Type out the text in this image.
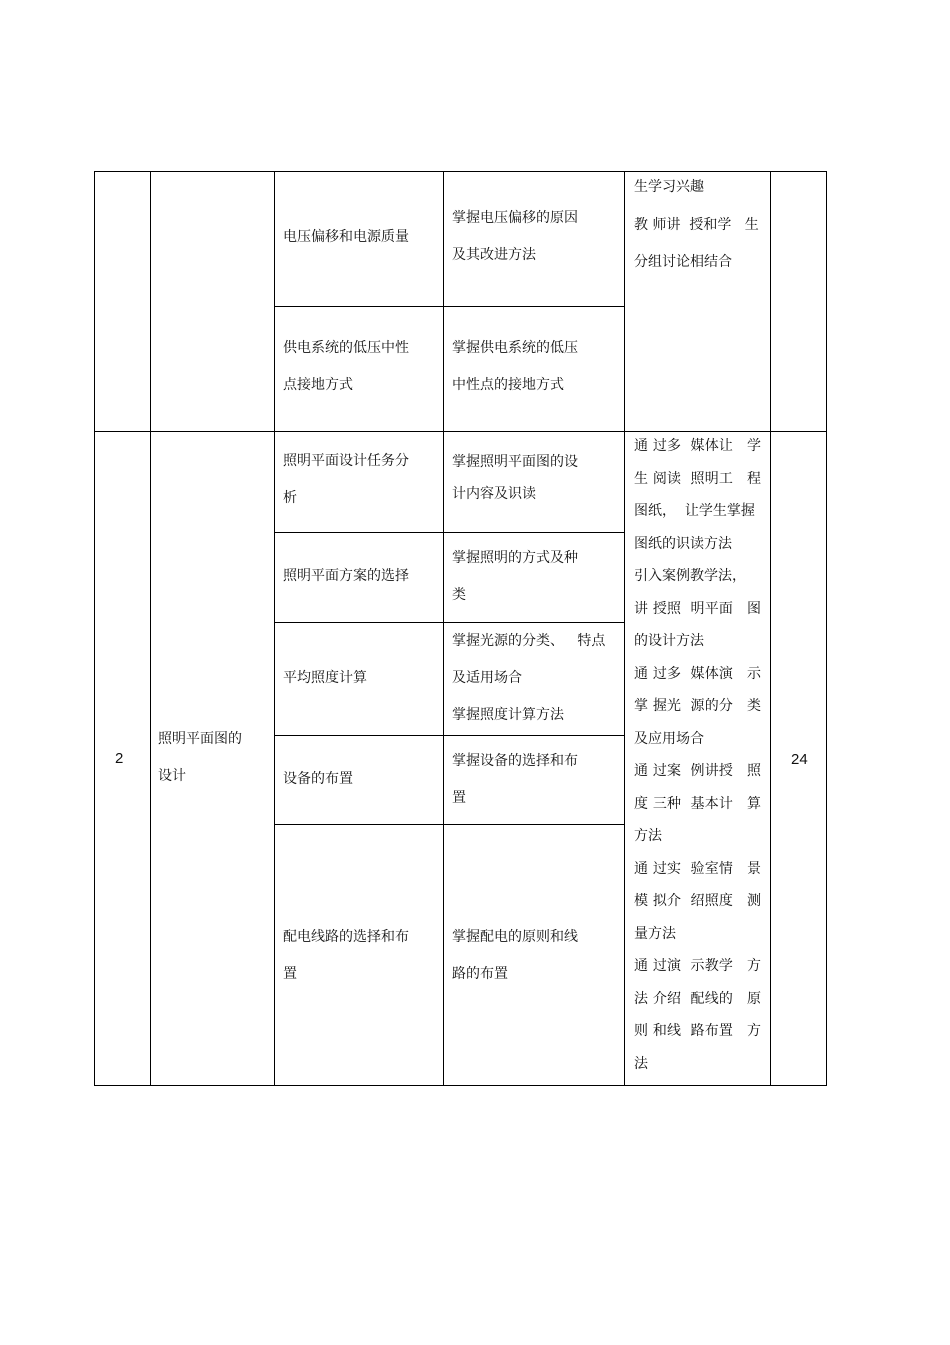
电压偏移和电源质量
掌握电压偏移的原因
及其改进方法
供电系统的低压中性
点接地方式
掌握供电系统的低压
中性点的接地方式
生学习兴趣
教 师讲  授和学   生
分组讨论相结合
2
照明平面图的
设计
24
照明平面设计任务分
析
掌握照明平面图的设
计内容及识读
照明平面方案的选择
掌握照明的方式及种
类
平均照度计算
掌握光源的分类、   特点
及适用场合
掌握照度计算方法
设备的布置
掌握设备的选择和布
置
配电线路的选择和布
置
掌握配电的原则和线
路的布置
通 过多  媒体让   学
生 阅读  照明工   程
图纸，  让学生掌握
图纸的识读方法
引入案例教学法，
讲 授照  明平面   图
的设计方法
通 过多  媒体演   示
掌 握光  源的分   类
及应用场合
通 过案  例讲授   照
度 三种  基本计   算
方法
通 过实  验室情   景
模 拟介  绍照度   测
量方法
通 过演  示教学   方
法 介绍  配线的   原
则 和线  路布置   方
法
